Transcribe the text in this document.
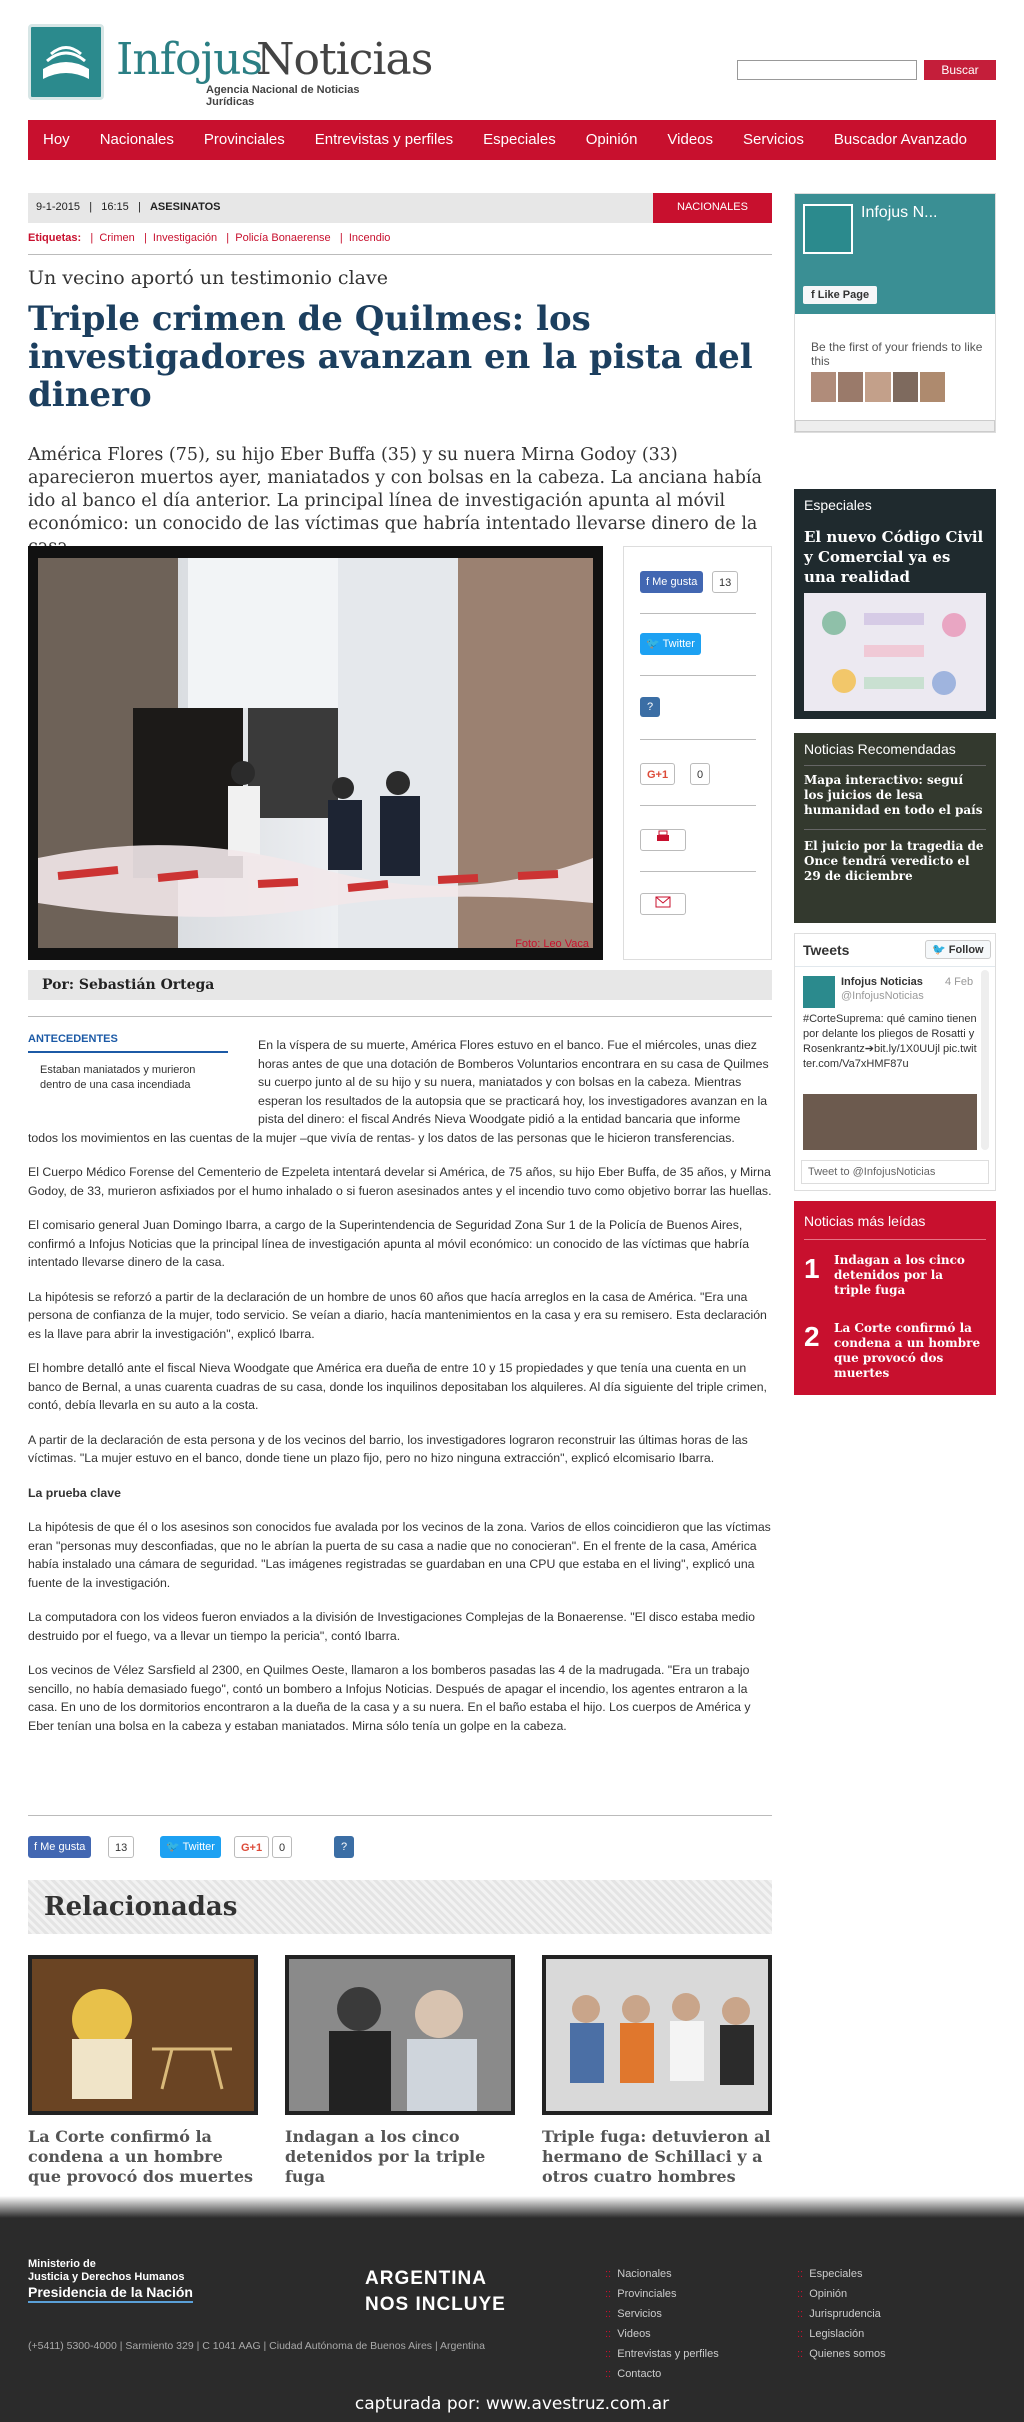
Infojus
Noticias
Agencia Nacional de Noticias Jurídicas
Buscar
Hoy	Nacionales	Provinciales	Entrevistas y perfiles	Especiales	Opinión	Videos	Servicios	Buscador Avanzado
9-1-2015   |   16:15   |   ASESINATOS	NACIONALES
Etiquetas:   |  Crimen   |  Investigación   |  Policía Bonaerense   |  Incendio
Un vecino aportó un testimonio clave
Triple crimen de Quilmes: los investigadores avanzan en la pista del dinero

América Flores (75), su hijo Eber Buffa (35) y su nuera Mirna Godoy (33) aparecieron muertos ayer, maniatados y con bolsas en la cabeza. La anciana había ido al banco el día anterior. La principal línea de investigación apunta al móvil económico: un conocido de las víctimas que habría intentado llevarse dinero de la

Foto: Leo Vaca
f Me gusta	13
🐦 Twitter
?
G+1	0
Por: Sebastián Ortega

En la víspera de su muerte, América Flores estuvo en el banco. Fue el miércoles, unas diez horas antes de que una dotación de Bomberos Voluntarios encontrara en su casa de Quilmes su cuerpo junto al de su hijo y su nuera, maniatados y con bolsas en la cabeza. Mientras esperan los resultados de la autopsia que se practicará hoy, los investigadores avanzan en la pista del dinero: el fiscal Andrés Nieva Woodgate pidió a la entidad bancaria que informe todos los movimientos en las cuentas de la mujer –que vivía de rentas- y los datos de las personas que le hicieron transferencias.

El Cuerpo Médico Forense del Cementerio de Ezpeleta intentará develar si América, de 75 años, su hijo Eber Buffa, de 35 años, y Mirna Godoy, de 33, murieron asfixiados por el humo inhalado o si fueron asesinados antes y el incendio tuvo como objetivo borrar las huellas.

El comisario general Juan Domingo Ibarra, a cargo de la Superintendencia de Seguridad Zona Sur 1 de la Policía de Buenos Aires, confirmó a Infojus Noticias que la principal línea de investigación apunta al móvil económico: un conocido de las víctimas que habría intentado llevarse dinero de la casa.

La hipótesis se reforzó a partir de la declaración de un hombre de unos 60 años que hacía arreglos en la casa de América. "Era una persona de confianza de la mujer, todo servicio. Se veían a diario, hacía mantenimientos en la casa y era su remisero. Esta declaración es la llave para abrir la investigación", explicó Ibarra.

El hombre detalló ante el fiscal Nieva Woodgate que América era dueña de entre 10 y 15 propiedades y que tenía una cuenta en un banco de Bernal, a unas cuarenta cuadras de su casa, donde los inquilinos depositaban los alquileres. Al día siguiente del triple crimen, contó, debía llevarla en su auto a la costa.

A partir de la declaración de esta persona y de los vecinos del barrio, los investigadores lograron reconstruir las últimas horas de las víctimas. "La mujer estuvo en el banco, donde tiene un plazo fijo, pero no hizo ninguna extracción", explicó elcomisario Ibarra.

La prueba clave

La hipótesis de que él o los asesinos son conocidos fue avalada por los vecinos de la zona. Varios de ellos coincidieron que las víctimas eran "personas muy desconfiadas, que no le abrían la puerta de su casa a nadie que no conocieran". En el frente de la casa, América había instalado una cámara de seguridad. "Las imágenes registradas se guardaban en una CPU que estaba en el living", explicó una fuente de la investigación.

La computadora con los videos fueron enviados a la división de Investigaciones Complejas de la Bonaerense. "El disco estaba medio destruido por el fuego, va a llevar un tiempo la pericia", contó Ibarra.

Los vecinos de Vélez Sarsfield al 2300, en Quilmes Oeste, llamaron a los bomberos pasadas las 4 de la madrugada. "Era un trabajo sencillo, no había demasiado fuego", contó un bombero a Infojus Noticias. Después de apagar el incendio, los agentes entraron a la casa. En uno de los dormitorios encontraron a la dueña de la casa y a su nuera. En el baño estaba el hijo. Los cuerpos de América y Eber tenían una bolsa en la cabeza y estaban maniatados. Mirna sólo tenía un golpe en la cabeza.

ANTECEDENTES
Estaban maniatados y murieron dentro de una casa incendiada
f Me gusta	13	🐦 Twitter	G+1	0	?
Relacionadas
La Corte confirmó la condena a un hombre que provocó dos muertes
Indagan a los cinco detenidos por la triple fuga
Triple fuga: detuvieron al hermano de Schillaci y a otros cuatro hombres
Infojus N...
f Like Page
Be the first of your friends to like this
Especiales
El nuevo Código Civil y Comercial ya es una realidad
Noticias Recomendadas
Mapa interactivo: seguí los juicios de lesa humanidad en todo el país
El juicio por la tragedia de Once tendrá veredicto el 29 de diciembre
Tweets	🐦 Follow
Infojus Noticias 4 Feb
@InfojusNoticias
#CorteSuprema: qué camino tienen por delante los pliegos de Rosatti y Rosenkrantz➔bit.ly/1X0UUjl pic.twitter.com/Va7xHMF87u
Tweet to @InfojusNoticias
Noticias más leídas
1 Indagan a los cinco detenidos por la triple fuga
2 La Corte confirmó la condena a un hombre que provocó dos muertes
Ministerio de
Justicia y Derechos Humanos
Presidencia de la Nación
ARGENTINA
NOS INCLUYE
:: Nacionales
:: Provinciales
:: Servicios
:: Videos
:: Entrevistas y perfiles
:: Contacto
:: Especiales
:: Opinión
:: Jurisprudencia
:: Legislación
:: Quienes somos
(+5411) 5300-4000 | Sarmiento 329 | C 1041 AAG | Ciudad Autónoma de Buenos Aires | Argentina
capturada por: www.avestruz.com.ar
